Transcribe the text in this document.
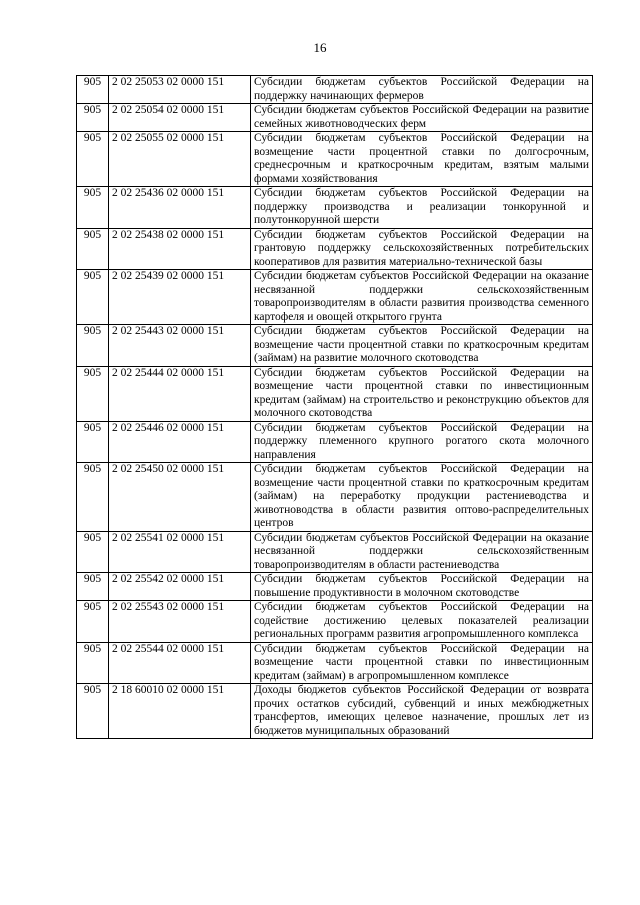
16
905	2 02 25053 02 0000 151	Субсидии бюджетам субъектов Российской Федерации на поддержку начинающих фермеров
905	2 02 25054 02 0000 151	Субсидии бюджетам субъектов Российской Федерации на развитие семейных животноводческих ферм
905	2 02 25055 02 0000 151	Субсидии бюджетам субъектов Российской Федерации на возмещение части процентной ставки по долгосрочным, среднесрочным и краткосрочным кредитам, взятым малыми формами хозяйствования
905	2 02 25436 02 0000 151	Субсидии бюджетам субъектов Российской Федерации на поддержку производства и реализации тонкорунной и полутонкорунной шерсти
905	2 02 25438 02 0000 151	Субсидии бюджетам субъектов Российской Федерации на грантовую поддержку сельскохозяйственных потребительских кооперативов для развития материально-технической базы
905	2 02 25439 02 0000 151	Субсидии бюджетам субъектов Российской Федерации на оказание несвязанной поддержки сельскохозяйственным товаропроизводителям в области развития производства семенного картофеля и овощей открытого грунта
905	2 02 25443 02 0000 151	Субсидии бюджетам субъектов Российской Федерации на возмещение части процентной ставки по краткосрочным кредитам (займам) на развитие молочного скотоводства
905	2 02 25444 02 0000 151	Субсидии бюджетам субъектов Российской Федерации на возмещение части процентной ставки по инвестиционным кредитам (займам) на строительство и реконструкцию объектов для молочного скотоводства
905	2 02 25446 02 0000 151	Субсидии бюджетам субъектов Российской Федерации на поддержку племенного крупного рогатого скота молочного направления
905	2 02 25450 02 0000 151	Субсидии бюджетам субъектов Российской Федерации на возмещение части процентной ставки по краткосрочным кредитам (займам) на переработку продукции растениеводства и животноводства в области развития оптово-распределительных центров
905	2 02 25541 02 0000 151	Субсидии бюджетам субъектов Российской Федерации на оказание несвязанной поддержки сельскохозяйственным товаропроизводителям в области растениеводства
905	2 02 25542 02 0000 151	Субсидии бюджетам субъектов Российской Федерации на повышение продуктивности в молочном скотоводстве
905	2 02 25543 02 0000 151	Субсидии бюджетам субъектов Российской Федерации на содействие достижению целевых показателей реализации региональных программ развития агропромышленного комплекса
905	2 02 25544 02 0000 151	Субсидии бюджетам субъектов Российской Федерации на возмещение части процентной ставки по инвестиционным кредитам (займам) в агропромышленном комплексе
905	2 18 60010 02 0000 151	Доходы бюджетов субъектов Российской Федерации от возврата прочих остатков субсидий, субвенций и иных межбюджетных трансфертов, имеющих целевое назначение, прошлых лет из бюджетов муниципальных образований
